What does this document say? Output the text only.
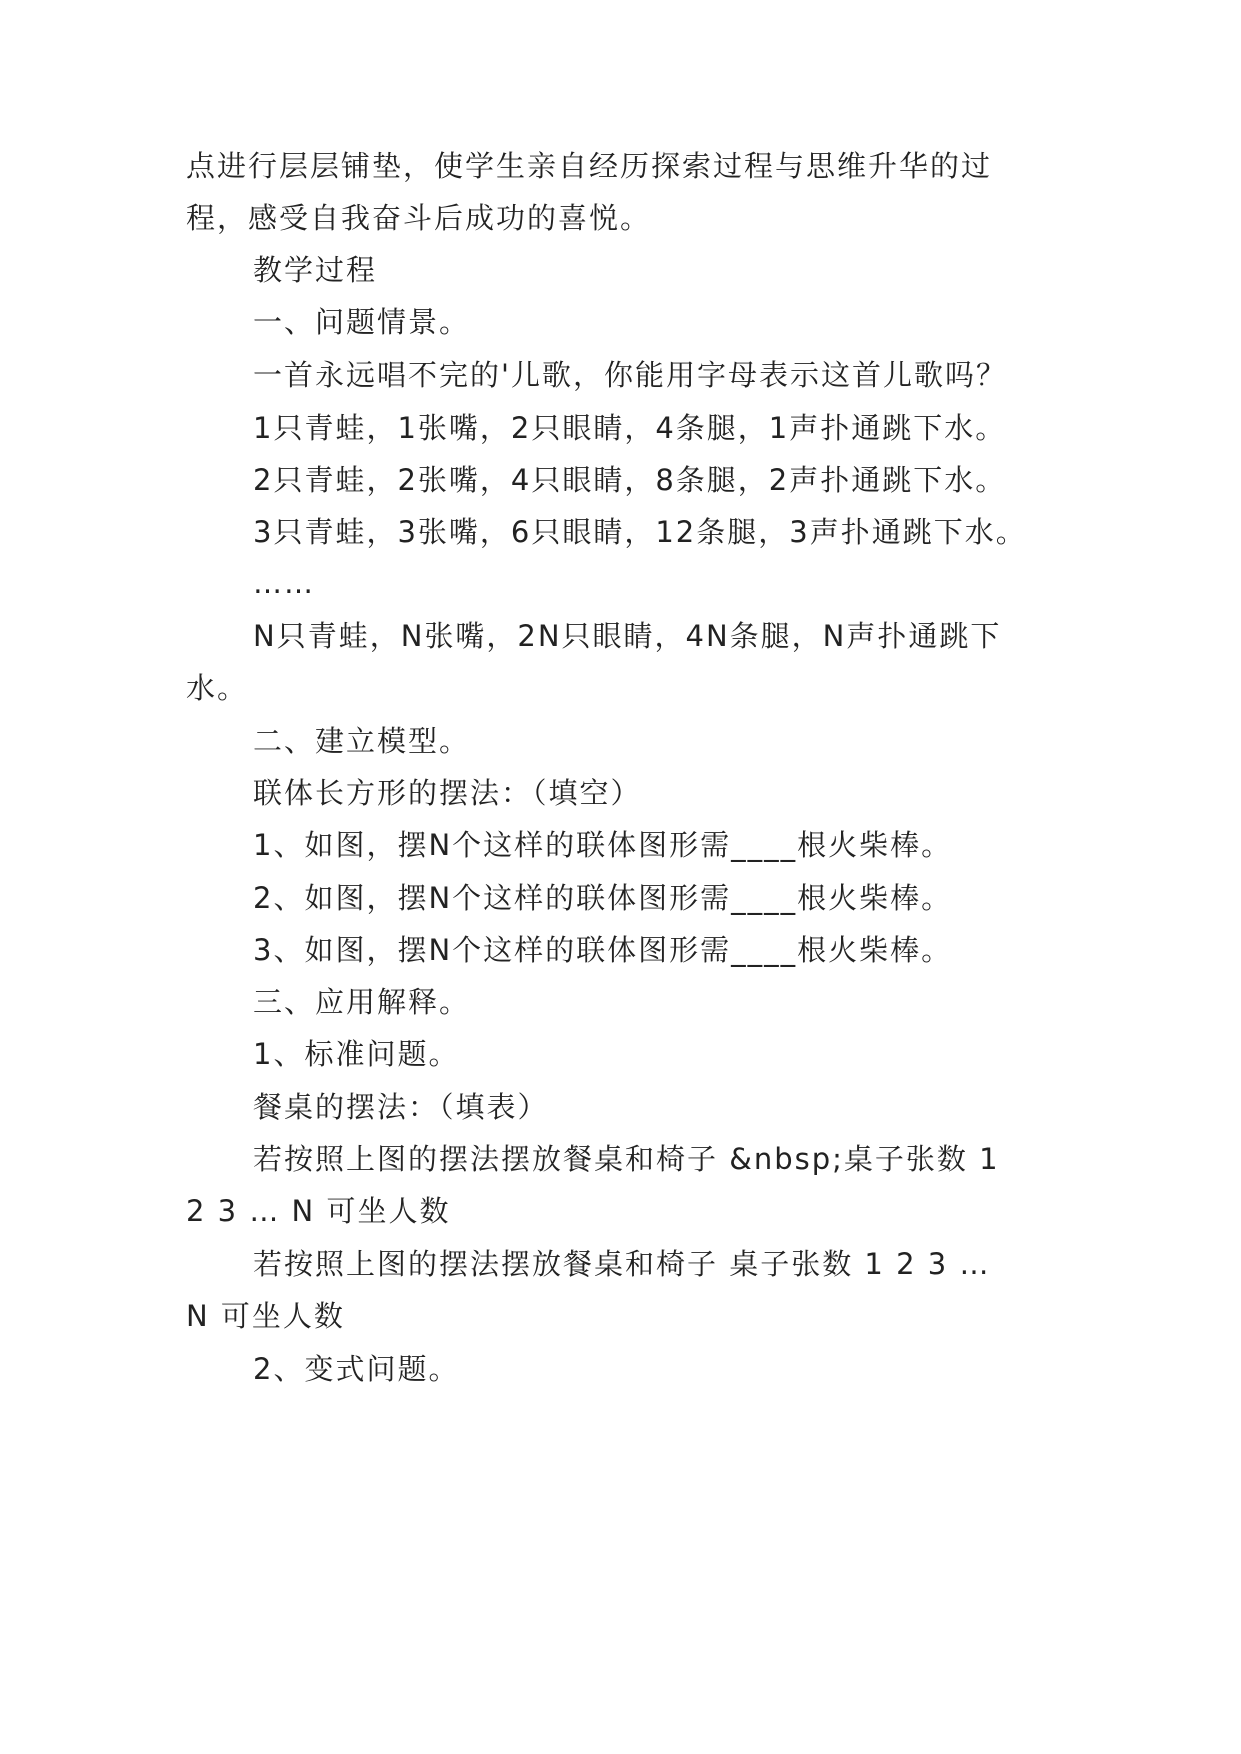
点进行层层铺垫，使学生亲自经历探索过程与思维升华的过

程，感受自我奋斗后成功的喜悦。

教学过程

一、问题情景。

一首永远唱不完的'儿歌，你能用字母表示这首儿歌吗？

1只青蛙，1张嘴，2只眼睛，4条腿，1声扑通跳下水。

2只青蛙，2张嘴，4只眼睛，8条腿，2声扑通跳下水。

3只青蛙，3张嘴，6只眼睛，12条腿，3声扑通跳下水。

……

N只青蛙，N张嘴，2N只眼睛，4N条腿，N声扑通跳下

水。

二、建立模型。

联体长方形的摆法：（填空）

1、如图，摆N个这样的联体图形需____根火柴棒。

2、如图，摆N个这样的联体图形需____根火柴棒。

3、如图，摆N个这样的联体图形需____根火柴棒。

三、应用解释。

1、标准问题。

餐桌的摆法：（填表）

若按照上图的摆法摆放餐桌和椅子 &nbsp;桌子张数 1

2 3 … N 可坐人数

若按照上图的摆法摆放餐桌和椅子 桌子张数 1 2 3 …

N 可坐人数

2、变式问题。
